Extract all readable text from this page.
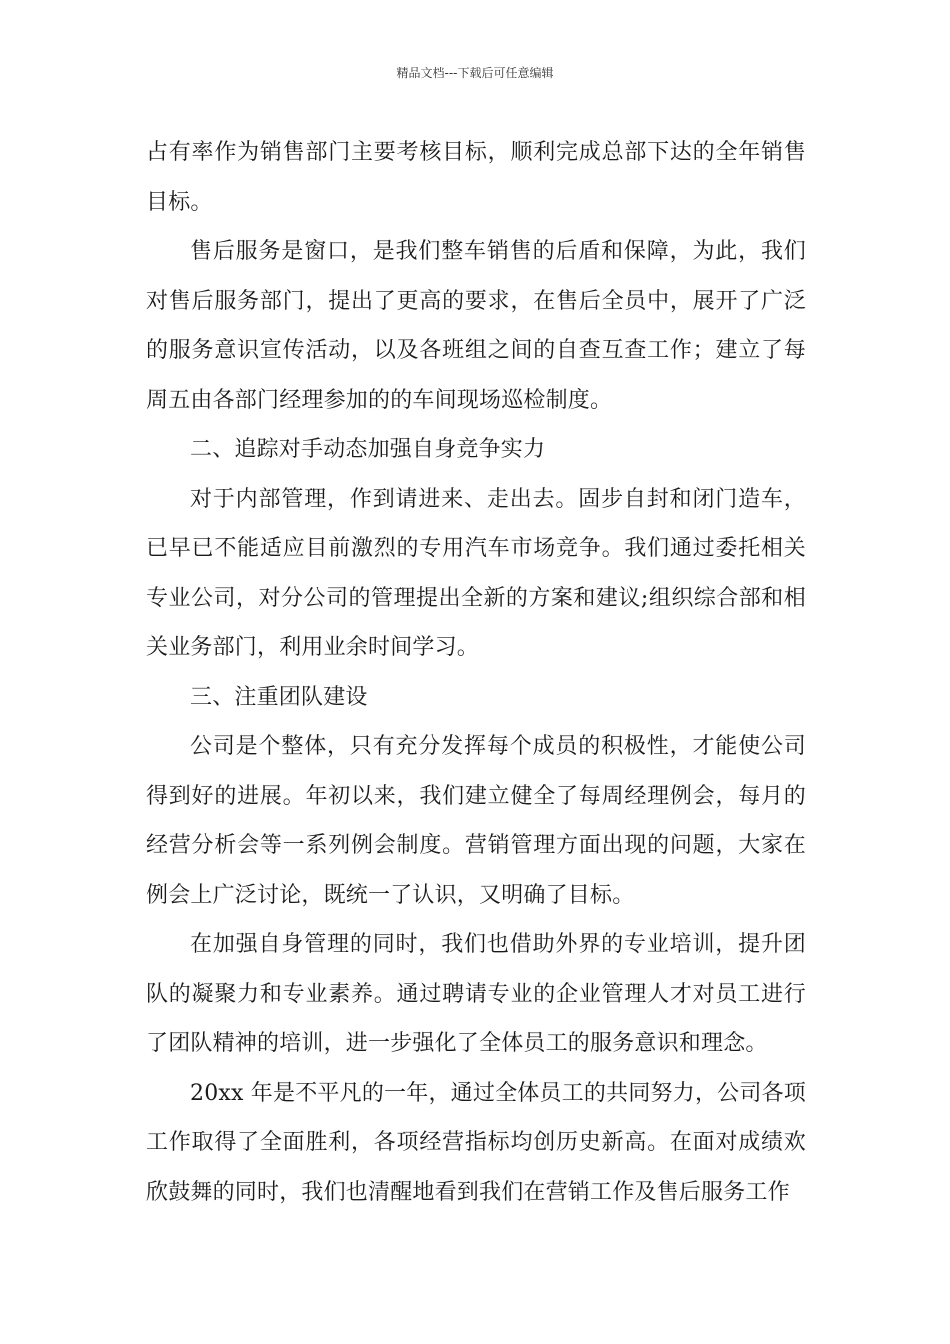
精品文档---下载后可任意编辑

占有率作为销售部门主要考核目标，顺利完成总部下达的全年销售目标。

售后服务是窗口，是我们整车销售的后盾和保障，为此，我们对售后服务部门，提出了更高的要求，在售后全员中，展开了广泛的服务意识宣传活动，以及各班组之间的自查互查工作；建立了每周五由各部门经理参加的的车间现场巡检制度。

二、追踪对手动态加强自身竞争实力

对于内部管理，作到请进来、走出去。固步自封和闭门造车，已早已不能适应目前激烈的专用汽车市场竞争。我们通过委托相关专业公司，对分公司的管理提出全新的方案和建议;组织综合部和相关业务部门，利用业余时间学习。

三、注重团队建设

公司是个整体，只有充分发挥每个成员的积极性，才能使公司得到好的进展。年初以来，我们建立健全了每周经理例会，每月的经营分析会等一系列例会制度。营销管理方面出现的问题，大家在例会上广泛讨论，既统一了认识，又明确了目标。

在加强自身管理的同时，我们也借助外界的专业培训，提升团队的凝聚力和专业素养。通过聘请专业的企业管理人才对员工进行了团队精神的培训，进一步强化了全体员工的服务意识和理念。

20xx 年是不平凡的一年，通过全体员工的共同努力，公司各项工作取得了全面胜利，各项经营指标均创历史新高。在面对成绩欢欣鼓舞的同时，我们也清醒地看到我们在营销工作及售后服务工作
